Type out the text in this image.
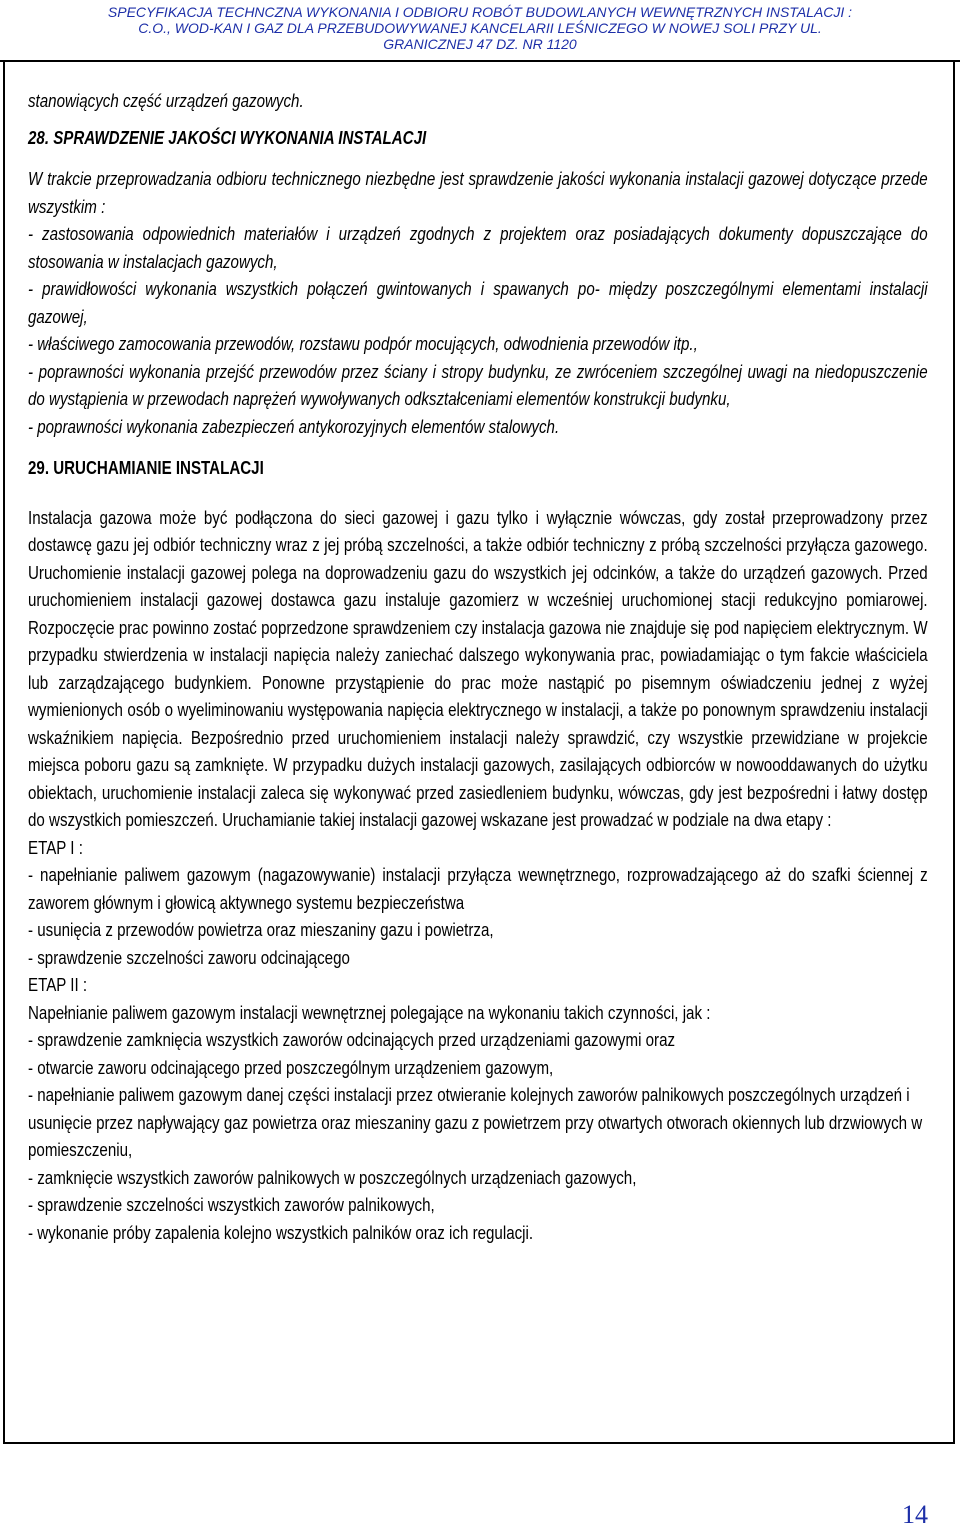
SPECYFIKACJA TECHNCZNA WYKONANIA I ODBIORU ROBÓT BUDOWLANYCH WEWNĘTRZNYCH INSTALACJI :
C.O., WOD-KAN I GAZ DLA PRZEBUDOWYWANEJ KANCELARII LEŚNICZEGO W NOWEJ SOLI PRZY UL.
GRANICZNEJ 47 DZ. NR 1120

stanowiących część urządzeń gazowych.

28. SPRAWDZENIE JAKOŚCI WYKONANIA INSTALACJI

W trakcie przeprowadzania odbioru technicznego niezbędne jest sprawdzenie jakości wykonania instalacji gazowej dotyczące przede wszystkim :

- zastosowania odpowiednich materiałów i urządzeń zgodnych z projektem oraz posiadających dokumenty dopuszczające do stosowania w instalacjach gazowych,

- prawidłowości wykonania wszystkich połączeń gwintowanych i spawanych po- między poszczególnymi elementami instalacji gazowej,

- właściwego zamocowania przewodów, rozstawu podpór mocujących, odwodnienia przewodów itp.,

- poprawności wykonania przejść przewodów przez ściany i stropy budynku, ze zwróceniem szczególnej uwagi na niedopuszczenie do wystąpienia w przewodach naprężeń wywoływanych odkształceniami elementów konstrukcji budynku,

- poprawności wykonania zabezpieczeń antykorozyjnych elementów stalowych.

29. URUCHAMIANIE INSTALACJI

Instalacja gazowa może być podłączona do sieci gazowej i gazu tylko i wyłącznie wówczas, gdy został przeprowadzony przez dostawcę gazu jej odbiór techniczny wraz z jej próbą szczelności, a także odbiór techniczny z próbą szczelności przyłącza gazowego. Uruchomienie instalacji gazowej polega na doprowadzeniu gazu do wszystkich jej odcinków, a także do urządzeń gazowych. Przed uruchomieniem instalacji gazowej dostawca gazu instaluje gazomierz w wcześniej uruchomionej stacji redukcyjno pomiarowej. Rozpoczęcie prac powinno zostać poprzedzone sprawdzeniem czy instalacja gazowa nie znajduje się pod napięciem elektrycznym. W przypadku stwierdzenia w instalacji napięcia należy zaniechać dalszego wykonywania prac, powiadamiając o tym fakcie właściciela lub zarządzającego budynkiem. Ponowne przystąpienie do prac może nastąpić po pisemnym oświadczeniu jednej z wyżej wymienionych osób o wyeliminowaniu występowania napięcia elektrycznego w instalacji, a także po ponownym sprawdzeniu instalacji wskaźnikiem napięcia. Bezpośrednio przed uruchomieniem instalacji należy sprawdzić, czy wszystkie przewidziane w projekcie miejsca poboru gazu są zamknięte. W przypadku dużych instalacji gazowych, zasilających odbiorców w nowooddawanych do użytku obiektach, uruchomienie instalacji zaleca się wykonywać przed zasiedleniem budynku, wówczas, gdy jest bezpośredni i łatwy dostęp do wszystkich pomieszczeń. Uruchamianie takiej instalacji gazowej wskazane jest prowadzać w podziale na dwa etapy :

ETAP I :

- napełnianie paliwem gazowym (nagazowywanie) instalacji przyłącza wewnętrznego, rozprowadzającego aż do szafki ściennej z zaworem głównym i głowicą aktywnego systemu bezpieczeństwa

- usunięcia z przewodów powietrza oraz mieszaniny gazu i powietrza,

- sprawdzenie szczelności zaworu odcinającego

ETAP II :

Napełnianie paliwem gazowym instalacji wewnętrznej polegające na wykonaniu takich czynności, jak :

- sprawdzenie zamknięcia wszystkich zaworów odcinających przed urządzeniami gazowymi oraz

- otwarcie zaworu odcinającego przed poszczególnym urządzeniem gazowym,

- napełnianie paliwem gazowym danej części instalacji przez otwieranie kolejnych zaworów palnikowych poszczególnych urządzeń i usunięcie przez napływający gaz powietrza oraz mieszaniny gazu z powietrzem przy otwartych otworach okiennych lub drzwiowych w pomieszczeniu,

- zamknięcie wszystkich zaworów palnikowych w poszczególnych urządzeniach gazowych,

- sprawdzenie szczelności wszystkich zaworów palnikowych,

- wykonanie próby zapalenia kolejno wszystkich palników oraz ich regulacji.

14
